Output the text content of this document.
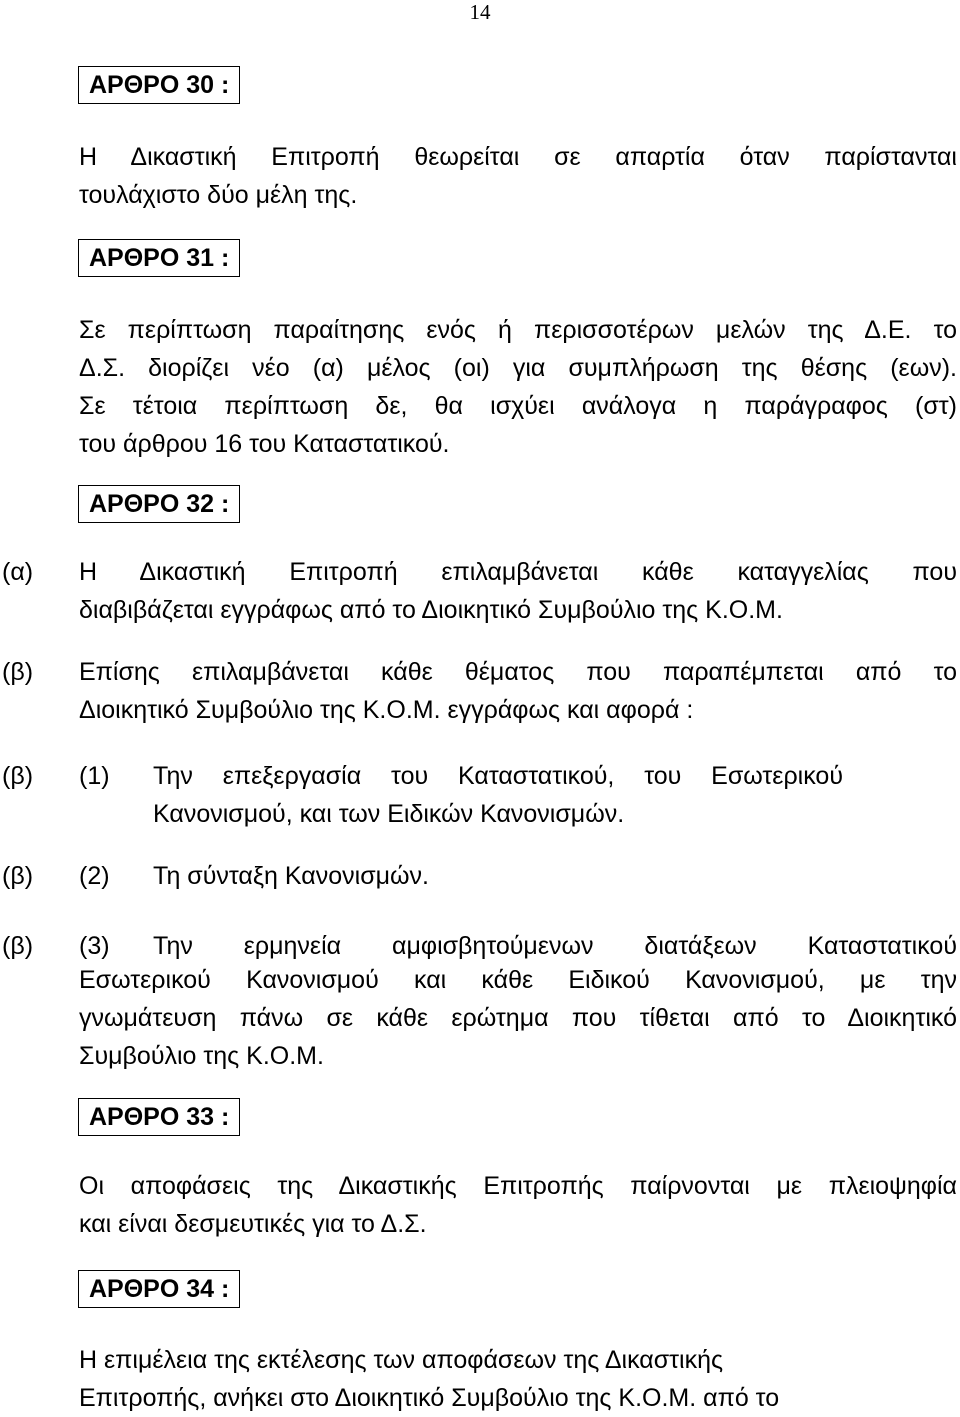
14
ΑΡΘΡΟ 30 :
Η Δικαστική Επιτροπή θεωρείται σε απαρτία όταν παρίστανται
τουλάχιστο δύο μέλη της.
ΑΡΘΡΟ 31 :
Σε περίπτωση παραίτησης ενός ή περισσοτέρων μελών της Δ.Ε. το
Δ.Σ. διορίζει νέο (α) μέλος (οι) για συμπλήρωση της θέσης (εων).
Σε τέτοια περίπτωση δε, θα ισχύει ανάλογα η παράγραφος (στ)
του άρθρου 16 του Καταστατικού.
ΑΡΘΡΟ 32 :
(α) Η Δικαστική Επιτροπή επιλαμβάνεται κάθε καταγγελίας που
διαβιβάζεται εγγράφως από το Διοικητικό Συμβούλιο της Κ.Ο.Μ.
(β) Επίσης επιλαμβάνεται κάθε θέματος που παραπέμπεται από το
Διοικητικό Συμβούλιο της Κ.Ο.Μ. εγγράφως και αφορά :
(β) (1) Την επεξεργασία του Καταστατικού, του Εσωτερικού
Κανονισμού, και των Ειδικών Κανονισμών.
(β) (2) Τη σύνταξη Κανονισμών.
(β) (3) Την ερμηνεία αμφισβητούμενων διατάξεων Καταστατικού
Εσωτερικού Κανονισμού και κάθε Ειδικού Κανονισμού, με την
γνωμάτευση πάνω σε κάθε ερώτημα που τίθεται από το Διοικητικό
Συμβούλιο της Κ.Ο.Μ.
ΑΡΘΡΟ 33 :
Οι αποφάσεις της Δικαστικής Επιτροπής παίρνονται με πλειοψηφία
και είναι δεσμευτικές για το Δ.Σ.
ΑΡΘΡΟ 34 :
Η επιμέλεια της εκτέλεσης των αποφάσεων της Δικαστικής
Επιτροπής, ανήκει στο Διοικητικό Συμβούλιο της Κ.Ο.Μ. από το
